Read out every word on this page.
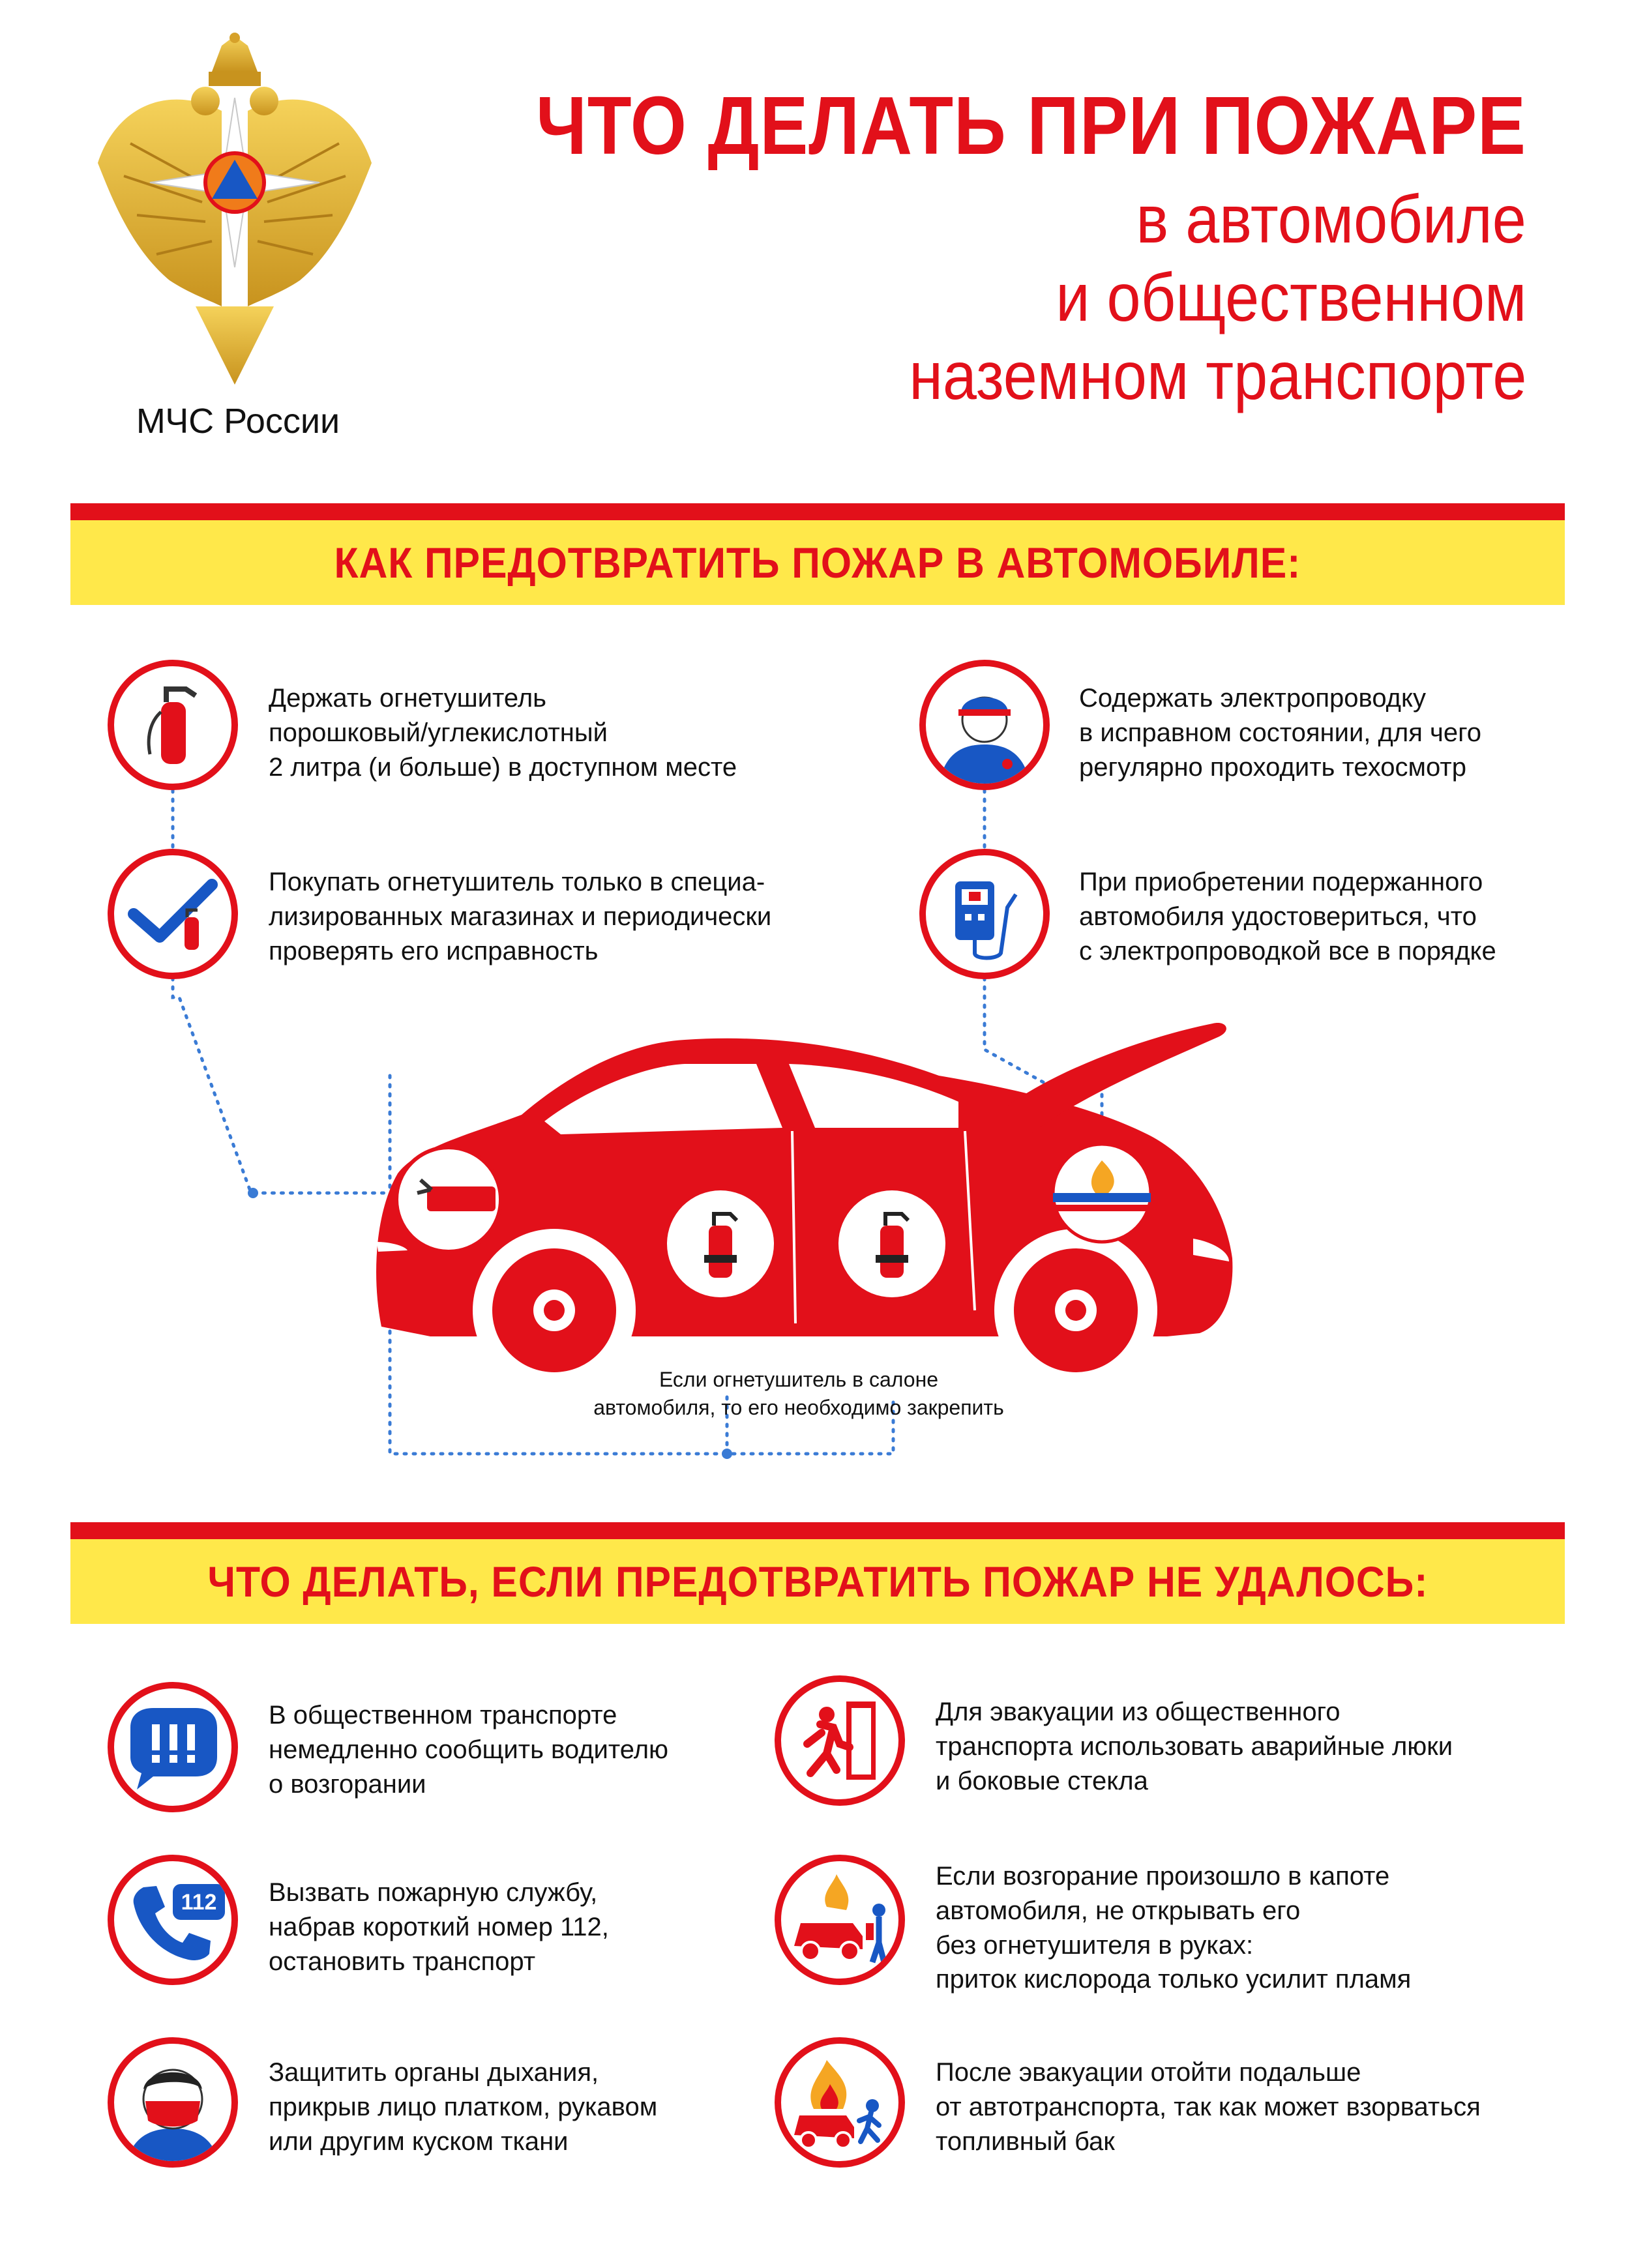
МЧС России
ЧТО ДЕЛАТЬ ПРИ ПОЖАРЕ
в автомобиле
и общественном
наземном транспорте
КАК ПРЕДОТВРАТИТЬ ПОЖАР В АВТОМОБИЛЕ:
Если огнетушитель в салоне
автомобиля, то его необходимо закрепить
Держать огнетушитель
порошковый/углекислотный
2 литра (и больше) в доступном месте
Содержать электропроводку
в исправном состоянии, для чего
регулярно проходить техосмотр
Покупать огнетушитель только в специа-
лизированных магазинах и периодически
проверять его исправность
При приобретении подержанного
автомобиля удостовериться, что
с электропроводкой все в порядке
ЧТО ДЕЛАТЬ, ЕСЛИ ПРЕДОТВРАТИТЬ ПОЖАР НЕ УДАЛОСЬ:
В общественном транспорте
немедленно сообщить водителю
о возгорании
Для эвакуации из общественного
транспорта использовать аварийные люки
и боковые стекла
112 Вызвать пожарную службу,
набрав короткий номер 112,
остановить транспорт
Если возгорание произошло в капоте
автомобиля, не открывать его
без огнетушителя в руках:
приток кислорода только усилит пламя
Защитить органы дыхания,
прикрыв лицо платком, рукавом
или другим куском ткани
После эвакуации отойти подальше
от автотранспорта, так как может взорваться
топливный бак
